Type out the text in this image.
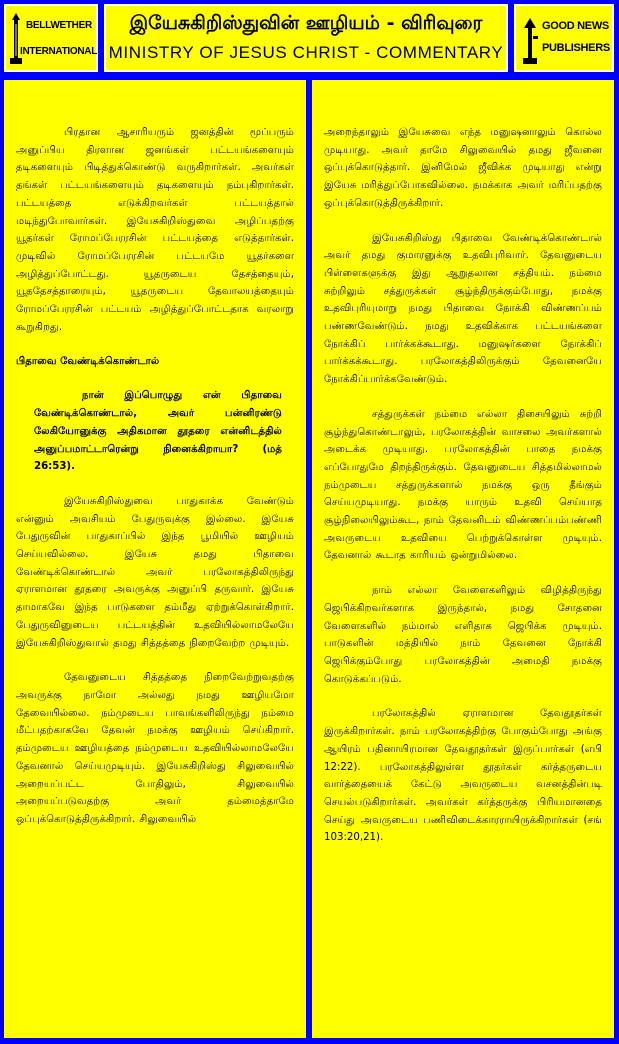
BELLWETHER
INTERNATIONAL
இயேசுகிறிஸ்துவின் ஊழியம் - விரிவுரை
MINISTRY OF JESUS CHRIST - COMMENTARY
GOOD NEWS
PUBLISHERS

பிரதான ஆசாரியரும் ஜனத்தின் மூப்பரும் அனுப்பிய திரளான ஜனங்கள் பட்டயங்களையும் தடிகளையும் பிடித்துக்கொண்டு வருகிறார்கள். அவர்கள் தங்கள் பட்டயங்களையும் தடிகளையும் நம்புகிறார்கள். பட்டயத்தை எடுக்கிறவர்கள் பட்டயத்தால் மடிந்துபோவார்கள். இயேசுகிறிஸ்துவை அழிப்பதற்கு யூதர்கள் ரோமப்பேரரசின் பட்டயத்தை எடுத்தார்கள். முடிவில் ரோமப்பேரரசின் பட்டயமே யூதர்களை அழித்துப்போட்டது. யூதருடைய தேசத்தையும், யூததேசத்தாரையும், யூதருடைய தேவாலயத்தையும் ரோமப்பேரரசின் பட்டயம் அழித்துப்போட்டதாக வரலாறு கூறுகிறது.

பிதாவை வேண்டிக்கொண்டால்

நான் இப்பொழுது என் பிதாவை வேண்டிக்கொண்டால், அவர் பன்னிரண்டு லேகியோனுக்கு அதிகமான தூதரை என்னிடத்தில் அனுப்பமாட்டாரென்று நினைக்கிறாயா? (மத் 26:53).

இயேசுகிறிஸ்துவை பாதுகாக்க வேண்டும் என்னும் அவசியம் பேதுருவுக்கு இல்லை. இயேசு பேதுருவின் பாதுகாப்பில் இந்த பூமியில் ஊழியம் செய்யவில்லை. இயேசு தமது பிதாவை வேண்டிக்கொண்டால் அவர் பரலோகத்திலிருந்து ஏராளமான தூதரை அவருக்கு அனுப்பி தருவார். இயேசு தாமாகவே இந்த பாடுகளை தம்மீது ஏற்றுக்கொள்கிறார். பேதுருவினுடைய பட்டயத்தின் உதவியில்லாமலேயே இயேசுகிறிஸ்துவால் தமது சித்தத்தை நிறைவேற்ற முடியும்.

தேவனுடைய சித்தத்தை நிறைவேற்றுவதற்கு அவருக்கு நாமோ அல்லது நமது ஊழியமோ தேவையில்லை. நம்முடைய பாவங்களிலிருந்து நம்மை மீட்பதற்காகவே தேவன் நமக்கு ஊழியம் செய்கிறார். தம்முடைய ஊழியத்தை நம்முடைய உதவியில்லாமலேயே தேவனால் செய்யமுடியும். இயேசுகிறிஸ்து சிலுவையில் அறையப்பட்ட போதிலும், சிலுவையில் அறையப்படுவதற்கு அவர் தம்மைத்தாமே ஒப்புக்கொடுத்திருக்கிறார். சிலுவையில்

அறைந்தாலும் இயேசுவை எந்த மனுஷனாலும் கொல்ல முடியாது. அவர் தாமே சிலுவையில் தமது ஜீவனை ஒப்புக்கொடுத்தார். இனிமேல் ஜீவிக்க முடியாது என்று இயேசு மரித்துப்போகவில்லை. நமக்காக அவர் மரிப்பதற்கு ஒப்புக்கொடுத்திருக்கிறார்.

இயேசுகிறிஸ்து பிதாவை வேண்டிக்கொண்டால் அவர் தமது குமாரனுக்கு உதவிபுரிவார். தேவனுடைய பிள்ளைகளுக்கு இது ஆறுதலான சத்தியம். நம்மை சுற்றிலும் சத்துருக்கள் சூழ்ந்திருக்கும்போது, நமக்கு உதவிபுரியுமாறு நமது பிதாவை நோக்கி விண்ணப்பம் பண்ணவேண்டும். நமது உதவிக்காக பட்டயங்களை நோக்கிப் பார்க்கக்கூடாது. மனுஷர்களை நோக்கிப் பார்க்கக்கூடாது. பரலோகத்திலிருக்கும் தேவனையே நோக்கிப்பார்க்கவேண்டும்.

சத்துருக்கள் நம்மை எல்லா திசையிலும் சுற்றி சூழ்ந்துகொண்டாலும், பரலோகத்தின் வாசலை அவர்களால் அடைக்க முடியாது. பரலோகத்தின் பாதை நமக்கு எப்போதுமே திறந்திருக்கும். தேவனுடைய சித்தமில்லாமல் நம்முடைய சத்துருக்களால் நமக்கு ஒரு தீங்கும் செய்யமுடியாது. நமக்கு யாரும் உதவி செய்யாத சூழ்நிலையிலும்கூட, நாம் தேவனிடம் விண்ணப்பம்பண்ணி அவருடைய உதவியை பெற்றுக்கொள்ள முடியும். தேவனால் கூடாத காரியம் ஒன்றுமில்லை.

நாம் எல்லா வேளைகளிலும் விழித்திருந்து ஜெபிக்கிறவர்களாக இருந்தால், நமது சோதனை வேளைகளில் நம்மால் எளிதாக ஜெபிக்க முடியும். பாடுகளின் மத்தியில் நாம் தேவனை நோக்கி ஜெபிக்கும்போது பரலோகத்தின் அமைதி நமக்கு கொடுக்கப்படும்.

பரலோகத்தில் ஏராளமான தேவதூதர்கள் இருக்கிறார்கள். நாம் பரலோகத்திற்கு போகும்போது அங்கு ஆயிரம் பதினாயிரமான தேவதூதர்கள் இருப்பார்கள் (எபி 12:22). பரலோகத்திலுள்ள தூதர்கள் கர்த்தருடைய வார்த்தையைக் கேட்டு அவருடைய வசனத்தின்படி செயல்படுகிறார்கள். அவர்கள் கர்த்தருக்கு பிரியமானதை செய்து அவருடைய பணிவிடைக்காரராயிருக்கிறார்கள் (சங் 103:20,21).
